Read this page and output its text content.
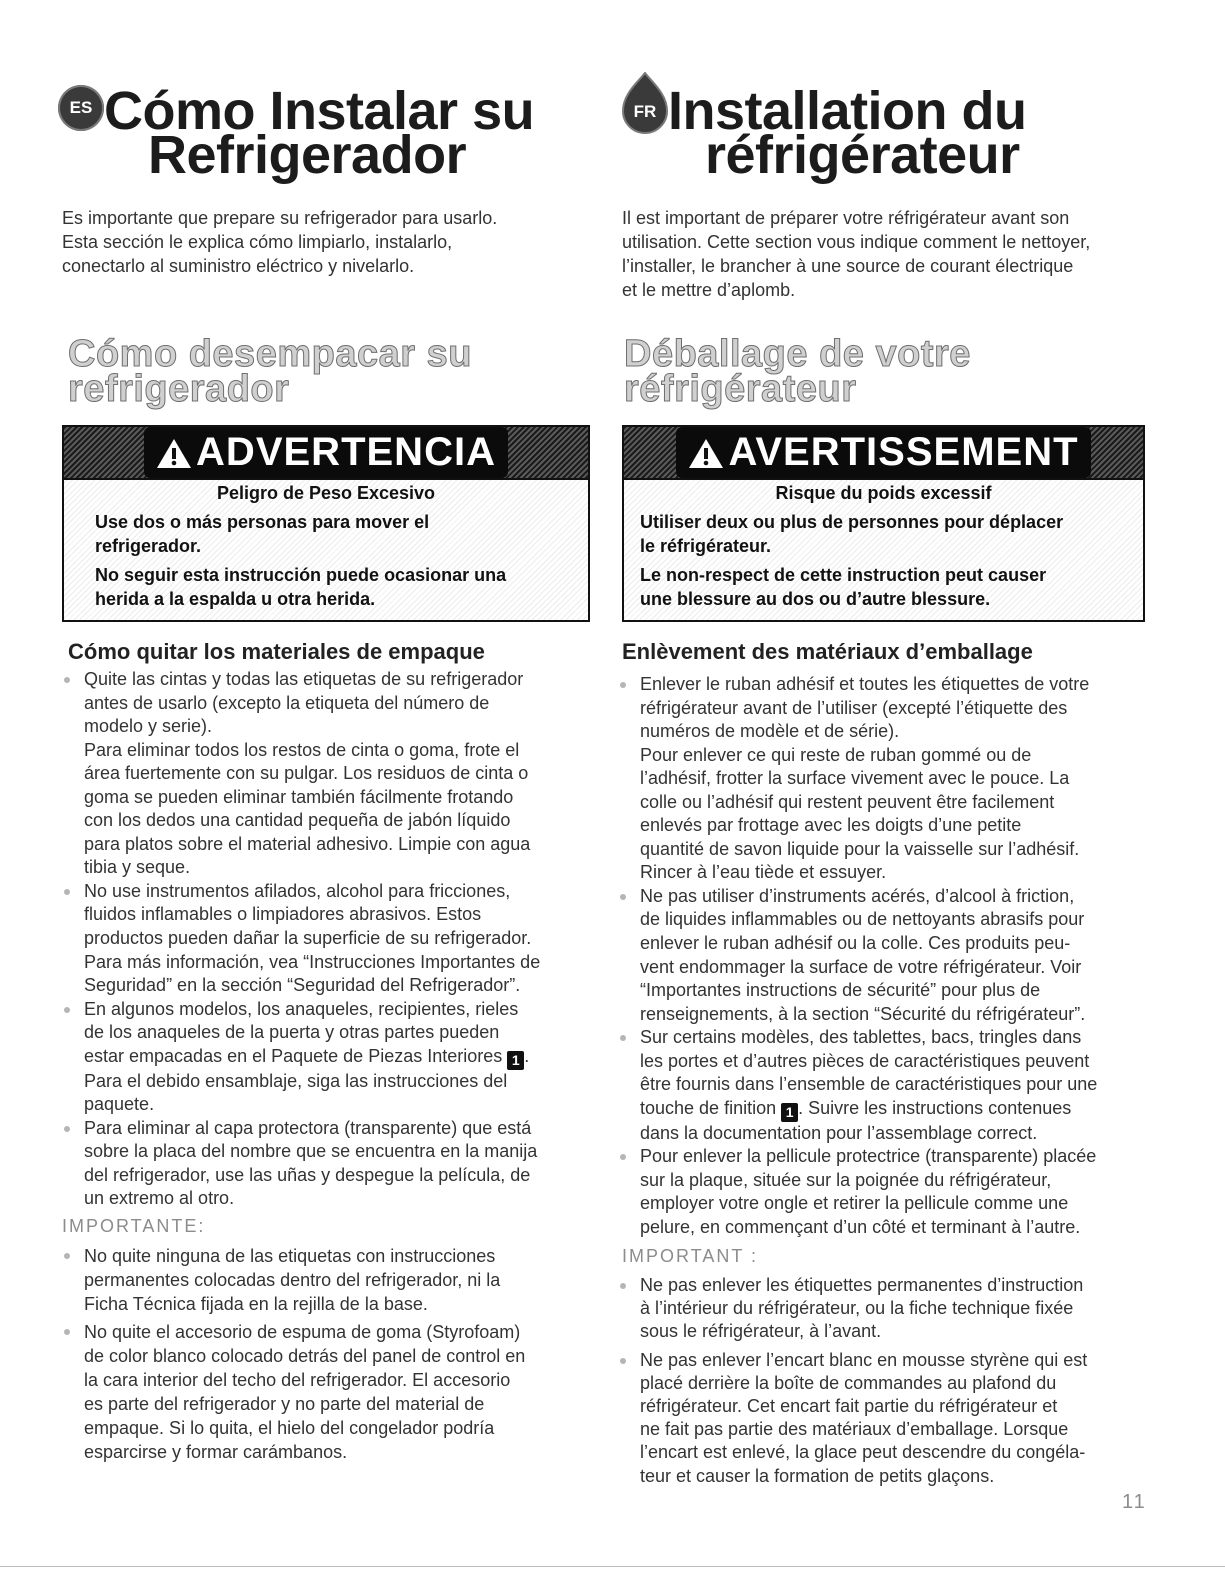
ES Cómo Instalar su
Refrigerador
Es importante que prepare su refrigerador para usarlo.
Esta sección le explica cómo limpiarlo, instalarlo,
conectarlo al suministro eléctrico y nivelarlo.
Cómo desempacar su
refrigerador
ADVERTENCIA
Peligro de Peso Excesivo
Use dos o más personas para mover el
refrigerador.
No seguir esta instrucción puede ocasionar una
herida a la espalda u otra herida.
Cómo quitar los materiales de empaque
Quite las cintas y todas las etiquetas de su refrigerador
antes de usarlo (excepto la etiqueta del número de
modelo y serie).
Para eliminar todos los restos de cinta o goma, frote el
área fuertemente con su pulgar. Los residuos de cinta o
goma se pueden eliminar también fácilmente frotando
con los dedos una cantidad pequeña de jabón líquido
para platos sobre el material adhesivo. Limpie con agua
tibia y seque.
No use instrumentos afilados, alcohol para fricciones,
fluidos inflamables o limpiadores abrasivos. Estos
productos pueden dañar la superficie de su refrigerador.
Para más información, vea “Instrucciones Importantes de
Seguridad” en la sección “Seguridad del Refrigerador”.
En algunos modelos, los anaqueles, recipientes, rieles
de los anaqueles de la puerta y otras partes pueden
estar empacadas en el Paquete de Piezas Interiores 1 .
Para el debido ensamblaje, siga las instrucciones del
paquete.
Para eliminar al capa protectora (transparente) que está
sobre la placa del nombre que se encuentra en la manija
del refrigerador, use las uñas y despegue la película, de
un extremo al otro.
IMPORTANTE:
No quite ninguna de las etiquetas con instrucciones
permanentes colocadas dentro del refrigerador, ni la
Ficha Técnica fijada en la rejilla de la base.
No quite el accesorio de espuma de goma (Styrofoam)
de color blanco colocado detrás del panel de control en
la cara interior del techo del refrigerador. El accesorio
es parte del refrigerador y no parte del material de
empaque. Si lo quita, el hielo del congelador podría
esparcirse y formar carámbanos.
FR Installation du
réfrigérateur
Il est important de préparer votre réfrigérateur avant son
utilisation. Cette section vous indique comment le nettoyer,
l’installer, le brancher à une source de courant électrique
et le mettre d’aplomb.
Déballage de votre
réfrigérateur
AVERTISSEMENT
Risque du poids excessif
Utiliser deux ou plus de personnes pour déplacer
le réfrigérateur.
Le non-respect de cette instruction peut causer
une blessure au dos ou d’autre blessure.
Enlèvement des matériaux d’emballage
Enlever le ruban adhésif et toutes les étiquettes de votre
réfrigérateur avant de l’utiliser (excepté l’étiquette des
numéros de modèle et de série).
Pour enlever ce qui reste de ruban gommé ou de
l’adhésif, frotter la surface vivement avec le pouce. La
colle ou l’adhésif qui restent peuvent être facilement
enlevés par frottage avec les doigts d’une petite
quantité de savon liquide pour la vaisselle sur l’adhésif.
Rincer à l’eau tiède et essuyer.
Ne pas utiliser d’instruments acérés, d’alcool à friction,
de liquides inflammables ou de nettoyants abrasifs pour
enlever le ruban adhésif ou la colle. Ces produits peu-
vent endommager la surface de votre réfrigérateur. Voir
“Importantes instructions de sécurité” pour plus de
renseignements, à la section “Sécurité du réfrigérateur”.
Sur certains modèles, des tablettes, bacs, tringles dans
les portes et d’autres pièces de caractéristiques peuvent
être fournis dans l’ensemble de caractéristiques pour une
touche de finition 1 . Suivre les instructions contenues
dans la documentation pour l’assemblage correct.
Pour enlever la pellicule protectrice (transparente) placée
sur la plaque, située sur la poignée du réfrigérateur,
employer votre ongle et retirer la pellicule comme une
pelure, en commençant d’un côté et terminant à l’autre.
IMPORTANT :
Ne pas enlever les étiquettes permanentes d’instruction
à l’intérieur du réfrigérateur, ou la fiche technique fixée
sous le réfrigérateur, à l’avant.
Ne pas enlever l’encart blanc en mousse styrène qui est
placé derrière la boîte de commandes au plafond du
réfrigérateur. Cet encart fait partie du réfrigérateur et
ne fait pas partie des matériaux d’emballage. Lorsque
l’encart est enlevé, la glace peut descendre du congéla-
teur et causer la formation de petits glaçons.
11
